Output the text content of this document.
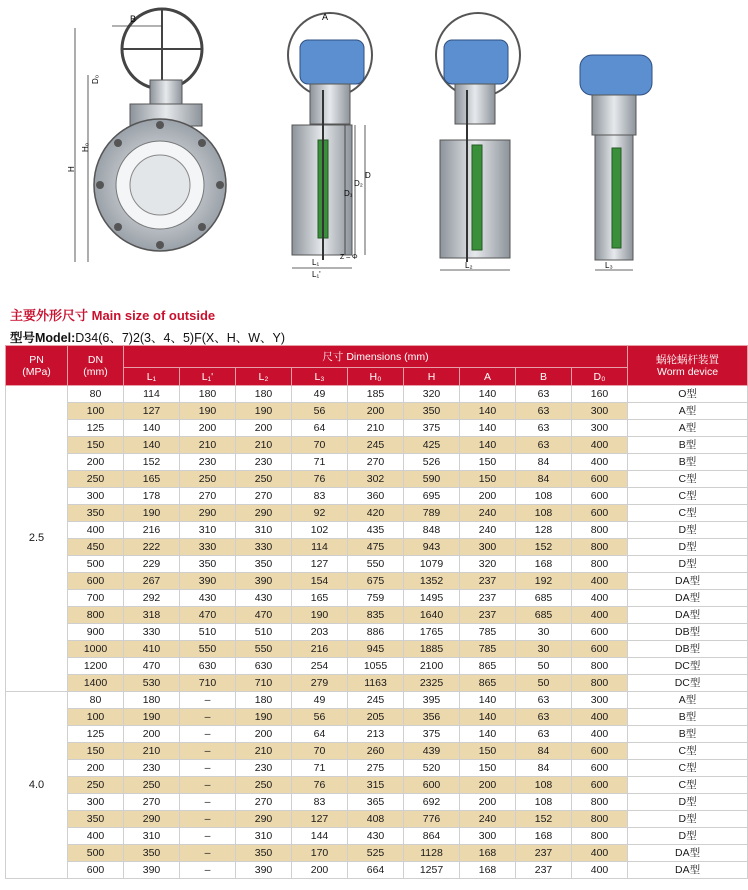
B
D₀
H₀
H
A
D₁
D₂
D
L₁
L₁'
Z – Φ
L₂	L₃
主要外形尺寸 Main size of outside
型号Model:D34(6、7)2(3、4、5)F(X、H、W、Y)
PN
(MPa)	DN
(mm)	尺寸 Dimensions (mm)									蜗轮蜗杆装置
Worm device
		L₁	L₁'	L₂	L₃	H₀	H	A	B	D₀	
2.5	80	114	180	180	49	185	320	140	63	160	O型
	100	127	190	190	56	200	350	140	63	300	A型
	125	140	200	200	64	210	375	140	63	300	A型
	150	140	210	210	70	245	425	140	63	400	B型
	200	152	230	230	71	270	526	150	84	400	B型
	250	165	250	250	76	302	590	150	84	600	C型
	300	178	270	270	83	360	695	200	108	600	C型
	350	190	290	290	92	420	789	240	108	600	C型
	400	216	310	310	102	435	848	240	128	800	D型
	450	222	330	330	114	475	943	300	152	800	D型
	500	229	350	350	127	550	1079	320	168	800	D型
	600	267	390	390	154	675	1352	237	192	400	DA型
	700	292	430	430	165	759	1495	237	685	400	DA型
	800	318	470	470	190	835	1640	237	685	400	DA型
	900	330	510	510	203	886	1765	785	30	600	DB型
	1000	410	550	550	216	945	1885	785	30	600	DB型
	1200	470	630	630	254	1055	2100	865	50	800	DC型
	1400	530	710	710	279	1163	2325	865	50	800	DC型
4.0	80	180	–	180	49	245	395	140	63	300	A型
	100	190	–	190	56	205	356	140	63	400	B型
	125	200	–	200	64	213	375	140	63	400	B型
	150	210	–	210	70	260	439	150	84	600	C型
	200	230	–	230	71	275	520	150	84	600	C型
	250	250	–	250	76	315	600	200	108	600	C型
	300	270	–	270	83	365	692	200	108	800	D型
	350	290	–	290	127	408	776	240	152	800	D型
	400	310	–	310	144	430	864	300	168	800	D型
	500	350	–	350	170	525	1128	168	237	400	DA型
	600	390	–	390	200	664	1257	168	237	400	DA型
